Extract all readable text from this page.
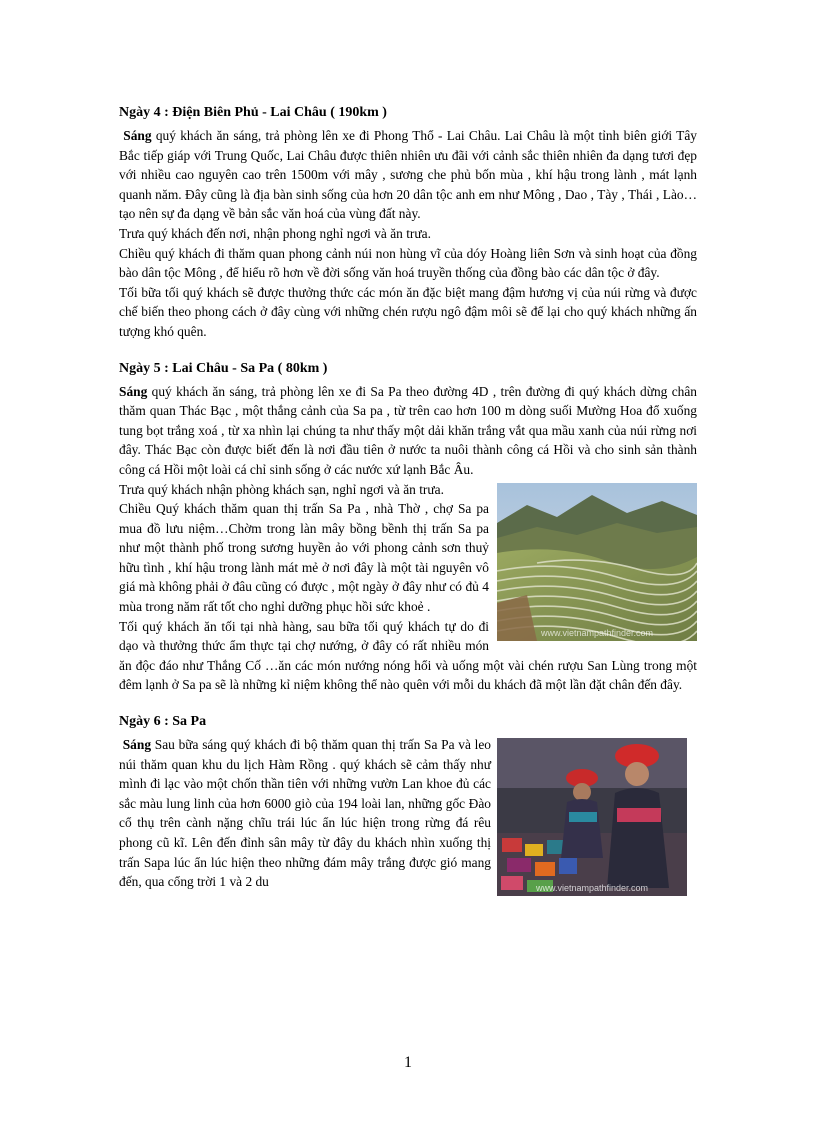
Ngày 4 : Điện Biên Phủ - Lai Châu ( 190km )

Sáng quý khách ăn sáng, trả phòng lên xe đi Phong Thổ - Lai Châu. Lai Châu là một tỉnh biên giới Tây Bắc tiếp giáp với Trung Quốc, Lai Châu được thiên nhiên ưu đãi với cảnh sắc thiên nhiên đa dạng tươi đẹp với nhiều cao nguyên cao trên 1500m với mây , sương che phủ bốn mùa , khí hậu trong lành , mát lạnh quanh năm. Đây cũng là địa bàn sinh sống của hơn 20 dân tộc anh em như Mông , Dao , Tày , Thái , Lào…tạo nên sự đa dạng về bản sắc văn hoá của vùng đất này.

Trưa quý khách đến nơi, nhận phong nghỉ ngơi và ăn trưa.

Chiều quý khách đi thăm quan phong cảnh núi non hùng vĩ của dóy Hoàng liên Sơn và sinh hoạt của đồng bào dân tộc Mông , để hiểu rõ hơn về đời sống văn hoá truyền thống của đồng bào các dân tộc ở đây.

Tối bữa tối quý khách sẽ được thưởng thức các món ăn đặc biệt mang đậm hương vị của núi rừng và được chế biến theo phong cách ở đây cùng với những chén rượu ngô đậm môi sẽ để lại cho quý khách những ấn tượng khó quên.

Ngày 5 : Lai Châu - Sa Pa ( 80km )

Sáng quý khách ăn sáng, trả phòng lên xe đi Sa Pa theo đường 4D , trên đường đi quý khách dừng chân thăm quan Thác Bạc , một thắng cảnh của Sa pa , từ trên cao hơn 100 m dòng suối Mường Hoa đổ xuống tung bọt trắng xoá , từ xa nhìn lại chúng ta như thấy một dải khăn trắng vắt qua mầu xanh của núi rừng nơi đây. Thác Bạc còn được biết đến là nơi đầu tiên ở nước ta nuôi thành công cá Hồi và cho sinh sản thành công cá Hồi một loài cá chỉ sinh sống ở các nước xứ lạnh Bắc Âu.

www.vietnampathfinder.com

Trưa quý khách nhận phòng khách sạn, nghỉ ngơi và ăn trưa.

Chiều Quý khách thăm quan thị trấn Sa Pa , nhà Thờ , chợ Sa pa mua đồ lưu niệm…Chờm trong làn mây bồng bềnh thị trấn Sa pa như một thành phố trong sương huyền ảo với phong cảnh sơn thuỷ hữu tình , khí hậu trong lành mát mẻ ở nơi đây là một tài nguyên vô giá mà không phải ở đâu cũng có được , một ngày ở đây như có đủ 4 mùa trong năm rất tốt cho nghỉ dưỡng phục hồi sức khoẻ .

Tối quý khách ăn tối tại nhà hàng, sau bữa tối quý khách tự do đi dạo và thưởng thức ẩm thực tại chợ nướng, ở đây có rất nhiều món ăn độc đáo như Thắng Cố …ăn các món nướng nóng hổi và uống một vài chén rượu San Lùng trong một đêm lạnh ở Sa pa sẽ là những kỉ niệm không thể nào quên với mỗi du khách đã một lần đặt chân đến đây.

Ngày 6 : Sa Pa
www.vietnampathfinder.com

Sáng Sau bữa sáng quý khách đi bộ thăm quan thị trấn Sa Pa và leo núi thăm quan khu du lịch Hàm Rồng . quý khách sẽ cảm thấy như mình đi lạc vào một chốn thần tiên với những vườn Lan khoe đủ các sắc màu lung linh của hơn 6000 giò của 194 loài lan, những gốc Đào cổ thụ trên cành nặng chĩu trái lúc ẩn lúc hiện trong rừng đá rêu phong cũ kĩ. Lên đến đỉnh sân mây từ đây du khách nhìn xuống thị trấn Sapa lúc ẩn lúc hiện theo những đám mây trắng được gió mang đến, qua cổng trời 1 và 2 du

1
